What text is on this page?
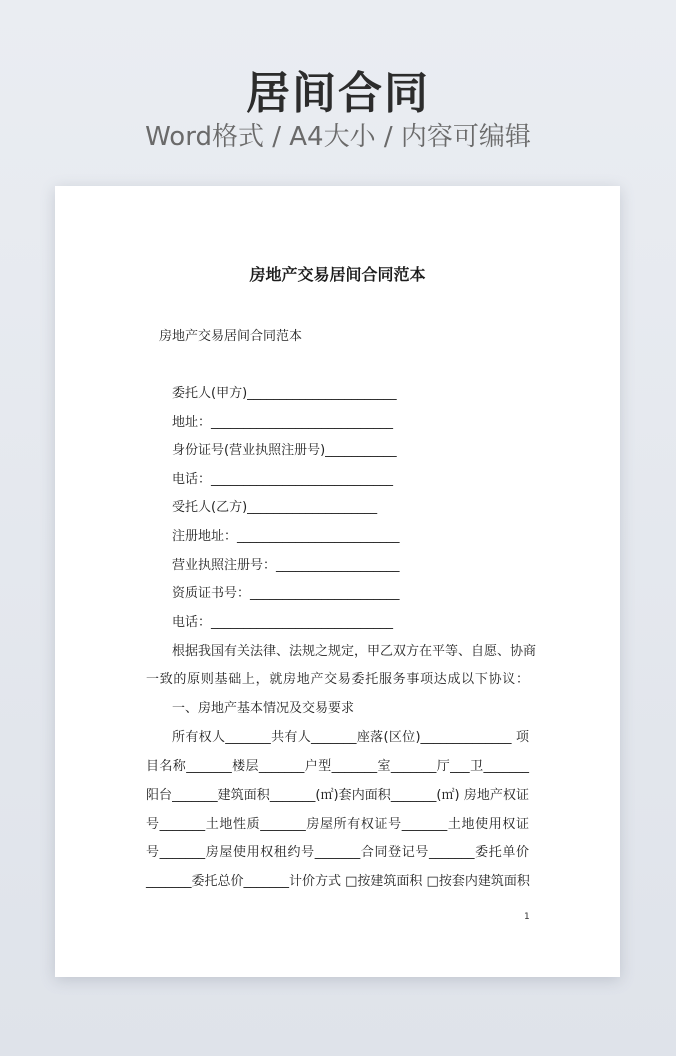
居间合同
Word格式 / A4大小 / 内容可编辑
房地产交易居间合同范本
房地产交易居间合同范本
委托人(甲方)_______________________
地址：____________________________
身份证号(营业执照注册号)___________
电话：____________________________
受托人(乙方)____________________
注册地址：_________________________
营业执照注册号：___________________
资质证书号：_______________________
电话：____________________________
根据我国有关法律、法规之规定，甲乙双方在平等、自愿、协商
一致的原则基础上，就房地产交易委托服务事项达成以下协议：
一、房地产基本情况及交易要求
所有权人_______共有人_______座落(区位)______________ 项
目名称_______楼层_______户型_______室_______厅___卫_______
阳台_______建筑面积_______(㎡)套内面积_______(㎡) 房地产权证
号_______土地性质_______房屋所有权证号_______土地使用权证
号_______房屋使用权租约号_______合同登记号_______委托单价
_______委托总价_______计价方式 □按建筑面积 □按套内建筑面积
1
